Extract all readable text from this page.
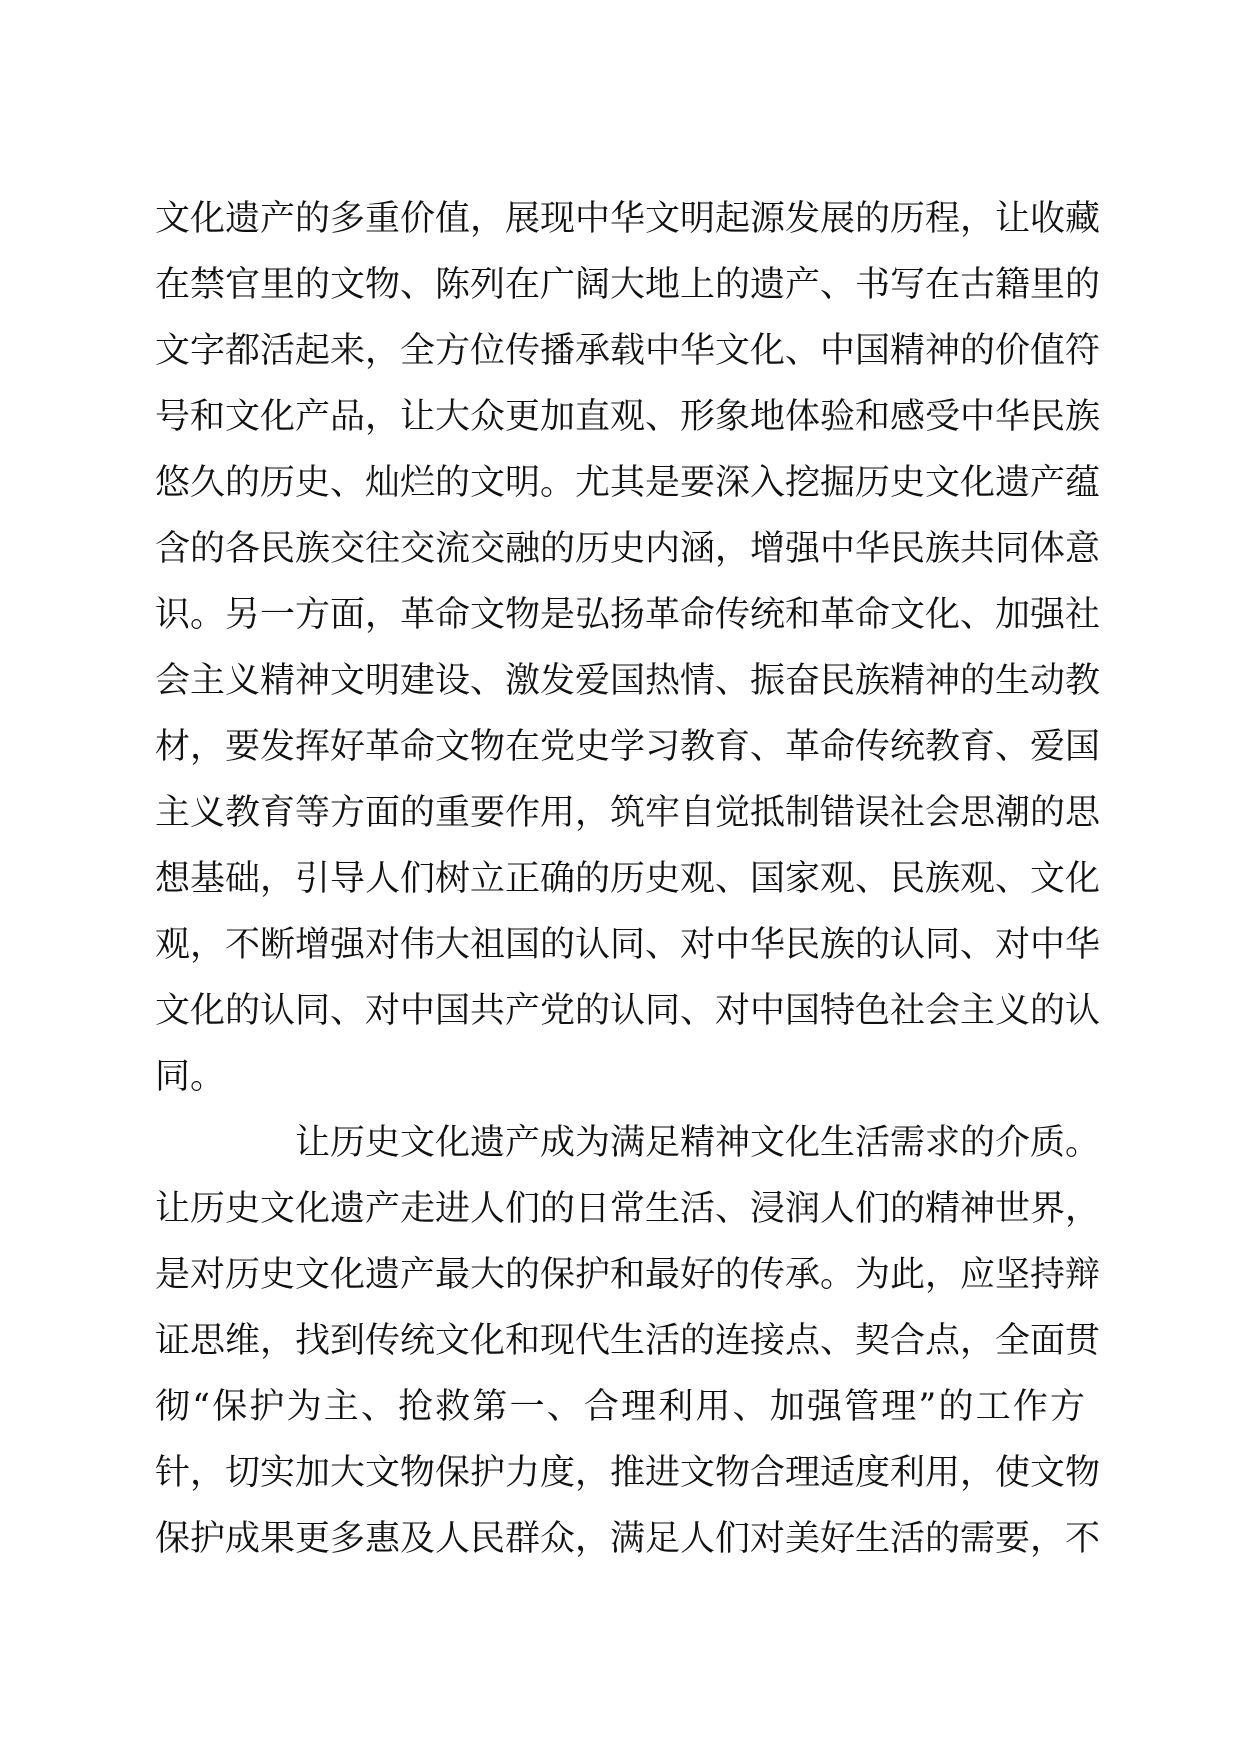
文化遗产的多重价值，展现中华文明起源发展的历程，让收藏
在禁官里的文物、陈列在广阔大地上的遗产、书写在古籍里的
文字都活起来，全方位传播承载中华文化、中国精神的价值符
号和文化产品，让大众更加直观、形象地体验和感受中华民族
悠久的历史、灿烂的文明。尤其是要深入挖掘历史文化遗产蕴
含的各民族交往交流交融的历史内涵，增强中华民族共同体意
识。另一方面，革命文物是弘扬革命传统和革命文化、加强社
会主义精神文明建设、激发爱国热情、振奋民族精神的生动教
材，要发挥好革命文物在党史学习教育、革命传统教育、爱国
主义教育等方面的重要作用，筑牢自觉抵制错误社会思潮的思
想基础，引导人们树立正确的历史观、国家观、民族观、文化
观，不断增强对伟大祖国的认同、对中华民族的认同、对中华
文化的认同、对中国共产党的认同、对中国特色社会主义的认
同。
让历史文化遗产成为满足精神文化生活需求的介质。
让历史文化遗产走进人们的日常生活、浸润人们的精神世界，
是对历史文化遗产最大的保护和最好的传承。为此，应坚持辩
证思维，找到传统文化和现代生活的连接点、契合点，全面贯
彻“保护为主、抢救第一、合理利用、加强管理”的工作方
针，切实加大文物保护力度，推进文物合理适度利用，使文物
保护成果更多惠及人民群众，满足人们对美好生活的需要，不
